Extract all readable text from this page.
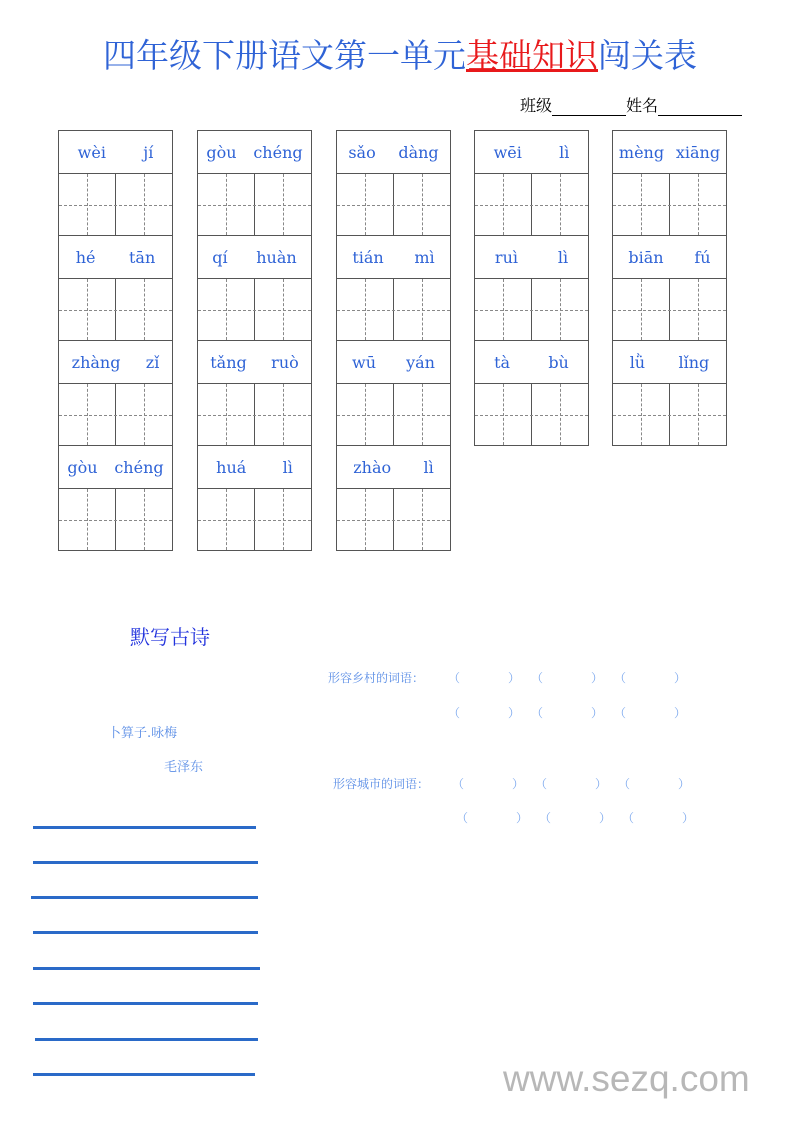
四年级下册语文第一单元基础知识闯关表
班级	姓名
wèi jí
hé tān
zhàng zǐ
gòu chéng
gòu chéng
qí huàn
tǎng ruò
huá lì
sǎo dàng
tián mì
wū yán
zhào lì
wēi lì
ruì lì
tà bù
mèng xiāng
biān fú
lǜ lǐng
默写古诗
卜算子.咏梅
毛泽东
形容乡村的词语：
形容城市的词语：
（　　　　） （　　　　） （　　　　）
（　　　　） （　　　　） （　　　　）
（　　　　） （　　　　） （　　　　）
（　　　　） （　　　　） （　　　　）
www.sezq.com
